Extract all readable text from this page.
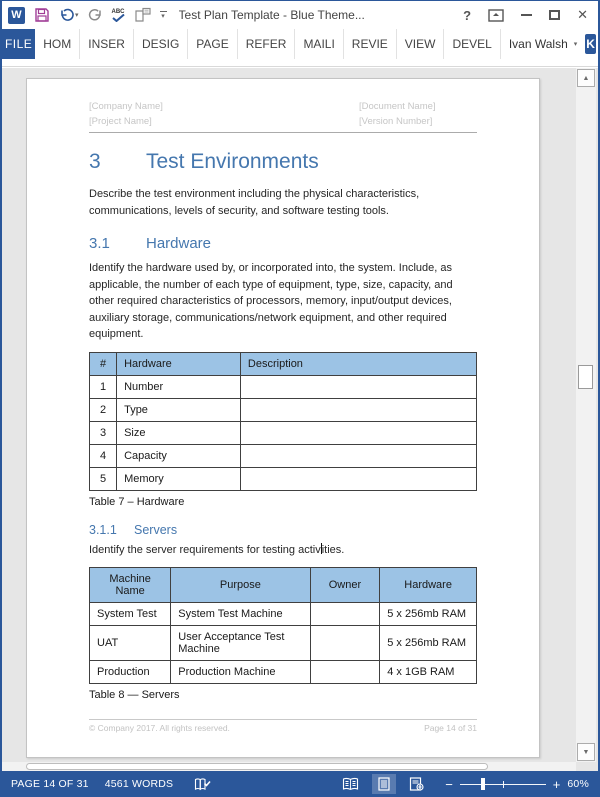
W	▾	ABC
▾ Test Plan Template - Blue Theme...	?	✕
FILE HOM	INSER	DESIG	PAGE	REFER	MAILI	REVIE	VIEW	DEVEL	Ivan Walsh ▾ K
[Company Name]	[Document Name]
[Project Name]	[Version Number]
3 Test Environments

Describe the test environment including the physical characteristics, communications, levels of security, and software testing tools.

3.1 Hardware

Identify the hardware used by, or incorporated into, the system. Include, as applicable, the number of each type of equipment, type, size, capacity, and other required characteristics of processors, memory, input/output devices, auxiliary storage, communications/network equipment, and other required equipment.

#	Hardware	Description
1	Number	
2	Type	
3	Size	
4	Capacity	
5	Memory	
Table 7 – Hardware
3.1.1 Servers

Identify the server requirements for testing activities.

Machine Name	Purpose	Owner	Hardware
System Test	System Test Machine		5 x 256mb RAM
UAT	User Acceptance Test Machine		5 x 256mb RAM
Production	Production Machine		4 x 1GB RAM
Table 8 — Servers
© Company 2017. All rights reserved.	Page 14 of 31
▲
▼
PAGE 14 OF 31 4561 WORDS	−	+ 60%
